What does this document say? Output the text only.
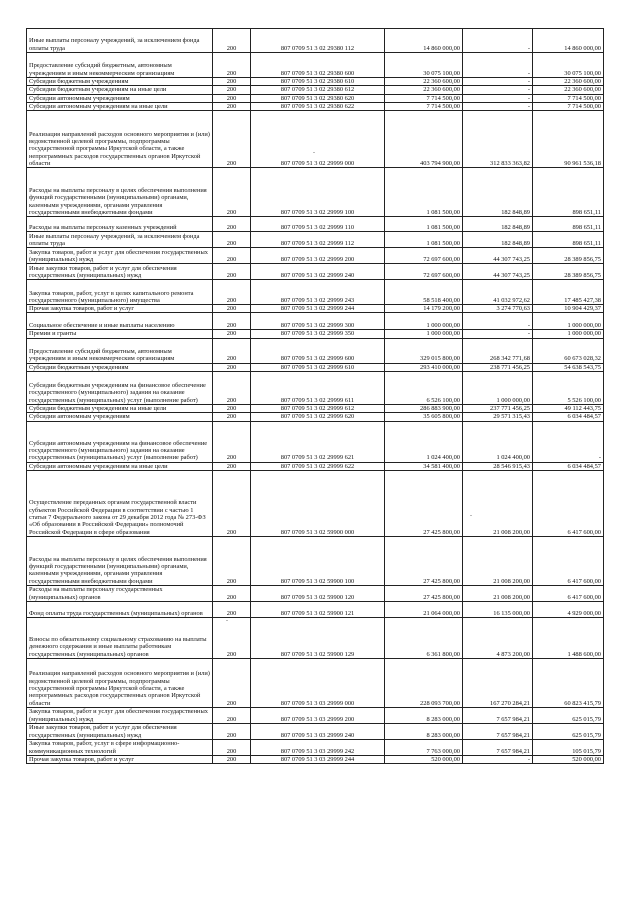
Иные выплаты персоналу учреждений, за исключением фонда оплаты труда	200	807 0709 51 3 02 29380 112	14 860 000,00	-	14 860 000,00
Предоставление субсидий бюджетным, автономным учреждениям и иным некоммерческим организациям	200	807 0709 51 3 02 29380 600	30 075 100,00	-	30 075 100,00
Субсидии бюджетным учреждениям	200	807 0709 51 3 02 29380 610	22 360 600,00	-	22 360 600,00
Субсидии бюджетным учреждениям на иные цели	200	807 0709 51 3 02 29380 612	22 360 600,00	-	22 360 600,00
Субсидии автономным учреждениям	200	807 0709 51 3 02 29380 620	7 714 500,00	-	7 714 500,00
Субсидии автономным учреждениям на иные цели	200	807 0709 51 3 02 29380 622	7 714 500,00	-	7 714 500,00
Реализация направлений расходов основного мероприятия и (или) ведомственной целевой программы, подпрограммы государственной программы Иркутской области, а также непрограммных расходов государственных органов Иркутской области	200	807 0709 51 3 02 29999 000	403 794 900,00	312 833 363,82	90 961 536,18
Расходы на выплаты персоналу в целях обеспечения выполнения функций государственными (муниципальными) органами, казенными учреждениями, органами управления государственными внебюджетными фондами	200	807 0709 51 3 02 29999 100	1 081 500,00	182 848,89	898 651,11
Расходы на выплаты персоналу казенных учреждений	200	807 0709 51 3 02 29999 110	1 081 500,00	182 848,89	898 651,11
Иные выплаты персоналу учреждений, за исключением фонда оплаты труда	200	807 0709 51 3 02 29999 112	1 081 500,00	182 848,89	898 651,11
Закупка товаров, работ и услуг для обеспечения государственных (муниципальных) нужд	200	807 0709 51 3 02 29999 200	72 697 600,00	44 307 743,25	28 389 856,75
Иные закупки товаров, работ и услуг для обеспечения государственных (муниципальных) нужд	200	807 0709 51 3 02 29999 240	72 697 600,00	44 307 743,25	28 389 856,75
Закупка товаров, работ, услуг в целях капитального ремонта государственного (муниципального) имущества	200	807 0709 51 3 02 29999 243	58 518 400,00	41 032 972,62	17 485 427,38
Прочая закупка товаров, работ и услуг	200	807 0709 51 3 02 29999 244	14 179 200,00	3 274 770,63	10 904 429,37
Социальное обеспечение и иные выплаты населению	200	807 0709 51 3 02 29999 300	1 000 000,00	-	1 000 000,00
Премии и гранты	200	807 0709 51 3 02 29999 350	1 000 000,00	-	1 000 000,00
Предоставление субсидий бюджетным, автономным учреждениям и иным некоммерческим организациям	200	807 0709 51 3 02 29999 600	329 015 800,00	268 342 771,68	60 673 028,32
Субсидии бюджетным учреждениям	200	807 0709 51 3 02 29999 610	293 410 000,00	238 771 456,25	54 638 543,75
Субсидии бюджетным учреждениям на финансовое обеспечение государственного (муниципального) задания на оказание государственных (муниципальных) услуг (выполнение работ)	200	807 0709 51 3 02 29999 611	6 526 100,00	1 000 000,00	5 526 100,00
Субсидии бюджетным учреждениям на иные цели	200	807 0709 51 3 02 29999 612	286 883 900,00	237 771 456,25	49 112 443,75
Субсидии автономным учреждениям	200	807 0709 51 3 02 29999 620	35 605 800,00	29 571 315,43	6 034 484,57
Субсидии автономным учреждениям на финансовое обеспечение государственного (муниципального) задания на оказание государственных (муниципальных) услуг (выполнение работ)	200	807 0709 51 3 02 29999 621	1 024 400,00	1 024 400,00	-
Субсидии автономным учреждениям на иные цели	200	807 0709 51 3 02 29999 622	34 581 400,00	28 546 915,43	6 034 484,57
Осуществление переданных органам государственной власти субъектов Российской Федерации в соответствии с частью 1 статьи 7 Федерального закона от 29 декабря 2012 года № 273-ФЗ «Об образовании в Российской Федерации» полномочий Российской Федерации в сфере образования	200	807 0709 51 3 02 59900 000	27 425 800,00	21 008 200,00	6 417 600,00
Расходы на выплаты персоналу в целях обеспечения выполнения функций государственными (муниципальными) органами, казенными учреждениями, органами управления государственными внебюджетными фондами	200	807 0709 51 3 02 59900 100	27 425 800,00	21 008 200,00	6 417 600,00
Расходы на выплаты персоналу государственных (муниципальных) органов	200	807 0709 51 3 02 59900 120	27 425 800,00	21 008 200,00	6 417 600,00
Фонд оплаты труда государственных (муниципальных) органов	200	807 0709 51 3 02 59900 121	21 064 000,00	16 135 000,00	4 929 000,00
Взносы по обязательному социальному страхованию на выплаты денежного содержания и иные выплаты работникам государственных (муниципальных) органов	200	807 0709 51 3 02 59900 129	6 361 800,00	4 873 200,00	1 488 600,00
Реализация направлений расходов основного мероприятия и (или) ведомственной целевой программы, подпрограммы государственной программы Иркутской области, а также непрограммных расходов государственных органов Иркутской области	200	807 0709 51 3 03 29999 000	228 093 700,00	167 270 284,21	60 823 415,79
Закупка товаров, работ и услуг для обеспечения государственных (муниципальных) нужд	200	807 0709 51 3 03 29999 200	8 283 000,00	7 657 984,21	625 015,79
Иные закупки товаров, работ и услуг для обеспечения государственных (муниципальных) нужд	200	807 0709 51 3 03 29999 240	8 283 000,00	7 657 984,21	625 015,79
Закупка товаров, работ, услуг в сфере информационно-коммуникационных технологий	200	807 0709 51 3 03 29999 242	7 763 000,00	7 657 984,21	105 015,79
Прочая закупка товаров, работ и услуг	200	807 0709 51 3 03 29999 244	520 000,00	-	520 000,00
